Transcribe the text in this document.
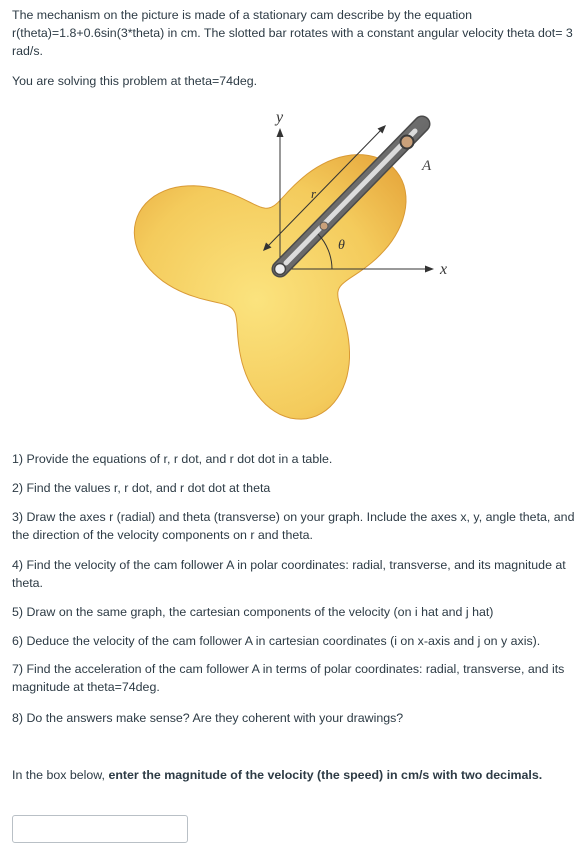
The mechanism on the picture is made of a stationary cam describe by the equation r(theta)=1.8+0.6sin(3*theta) in cm. The slotted bar rotates with a constant angular velocity theta dot= 3 rad/s.

You are solving this problem at theta=74deg.

y
x
A
r
θ

1) Provide the equations of r, r dot, and r dot dot in a table.

2) Find the values r, r dot, and r dot dot at theta

3) Draw the axes r (radial) and theta (transverse) on your graph. Include the axes x, y, angle theta, and the direction of the velocity components on r and theta.

4) Find the velocity of the cam follower A in polar coordinates: radial, transverse, and its magnitude at theta.

5) Draw on the same graph, the cartesian components of the velocity (on i hat and j hat)

6) Deduce the velocity of the cam follower A in cartesian coordinates (i on x-axis and j on y axis).

7) Find the acceleration of the cam follower A in terms of polar coordinates: radial, transverse, and its magnitude at theta=74deg.

8) Do the answers make sense? Are they coherent with your drawings?

In the box below, enter the magnitude of the velocity (the speed) in cm/s with two decimals.
